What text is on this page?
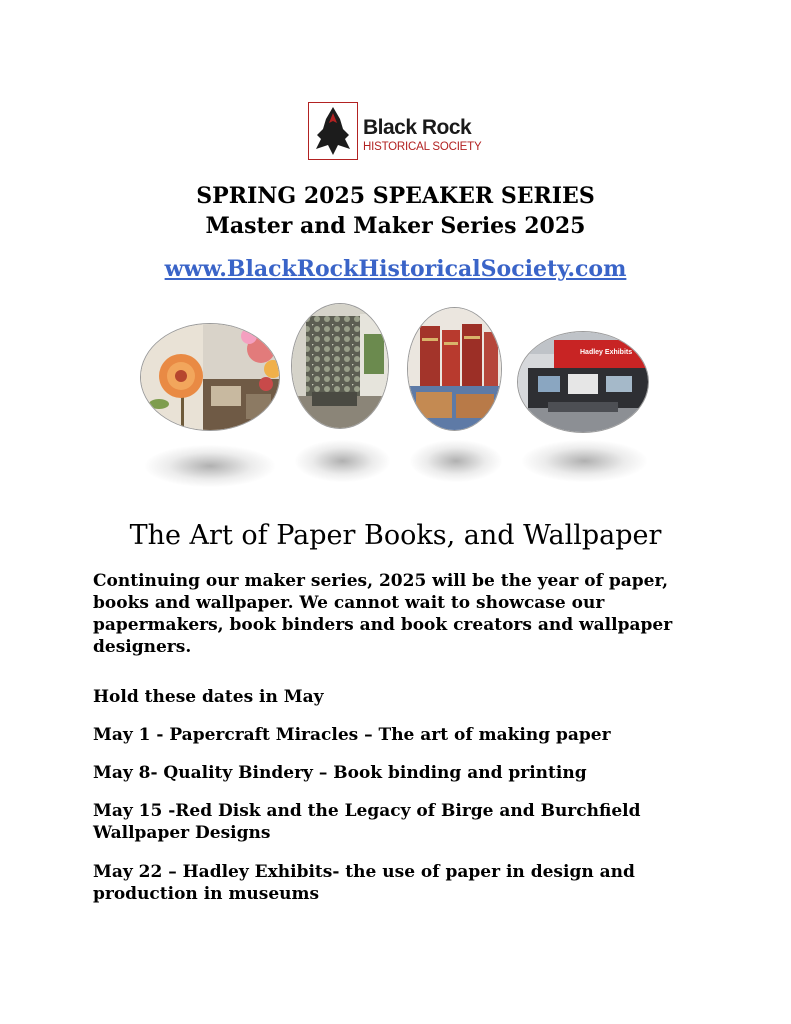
Black Rock
HISTORICAL SOCIETY
SPRING 2025 SPEAKER SERIES
Master and Maker Series 2025
www.BlackRockHistoricalSociety.com
Hadley Exhibits
The Art of Paper Books, and Wallpaper
Continuing our maker series, 2025 will be the year of paper, books and wallpaper. We cannot wait to showcase our papermakers, book binders and book creators and wallpaper designers.
Hold these dates in May
May 1 - Papercraft Miracles – The art of making paper
May 8- Quality Bindery – Book binding and printing
May 15 -Red Disk and the Legacy of Birge and Burchfield Wallpaper Designs
May 22 – Hadley Exhibits- the use of paper in design and production in museums
